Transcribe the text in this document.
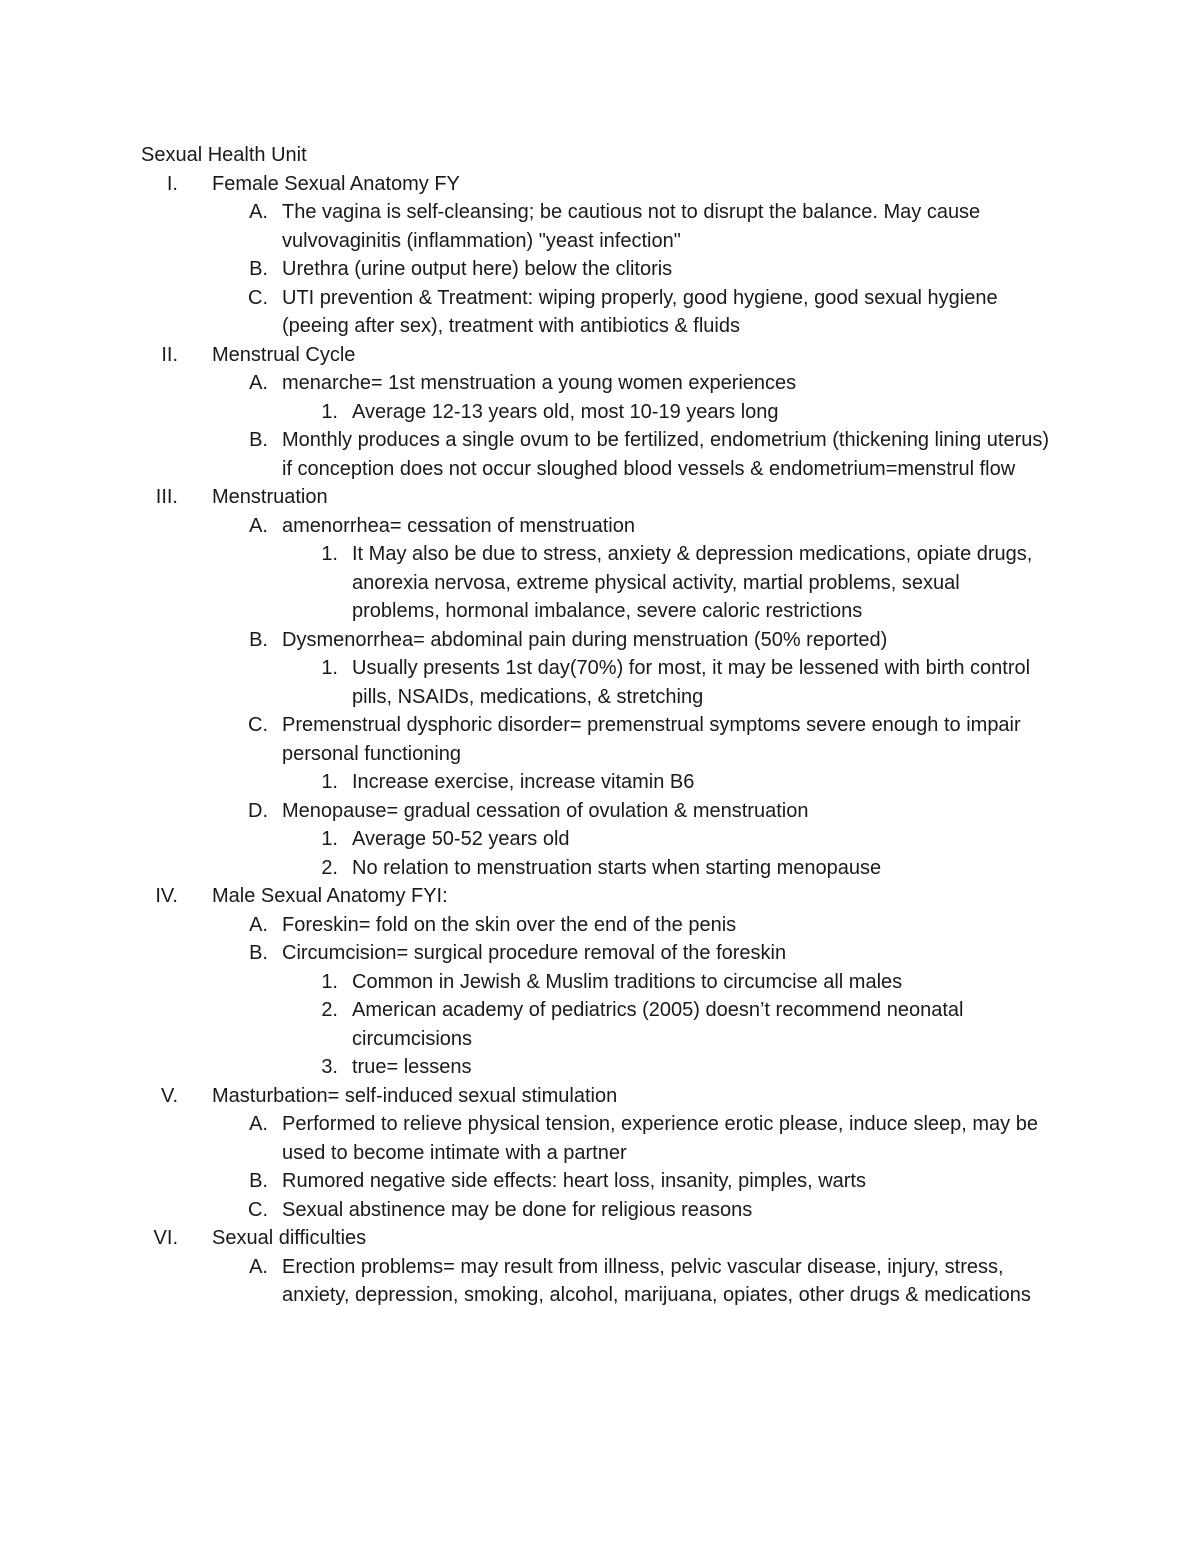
Sexual Health Unit
I. Female Sexual Anatomy FY
A. The vagina is self-cleansing; be cautious not to disrupt the balance. May cause vulvovaginitis (inflammation) "yeast infection"
B. Urethra (urine output here) below the clitoris
C. UTI prevention & Treatment: wiping properly, good hygiene, good sexual hygiene (peeing after sex), treatment with antibiotics & fluids
II. Menstrual Cycle
A. menarche= 1st menstruation a young women experiences
1. Average 12-13 years old, most 10-19 years long
B. Monthly produces a single ovum to be fertilized, endometrium (thickening lining uterus) if conception does not occur sloughed blood vessels & endometrium=menstrul flow
III. Menstruation
A. amenorrhea= cessation of menstruation
1. It May also be due to stress, anxiety & depression medications, opiate drugs, anorexia nervosa, extreme physical activity, martial problems, sexual problems, hormonal imbalance, severe caloric restrictions
B. Dysmenorrhea= abdominal pain during menstruation (50% reported)
1. Usually presents 1st day(70%) for most, it may be lessened with birth control pills, NSAIDs, medications, & stretching
C. Premenstrual dysphoric disorder= premenstrual symptoms severe enough to impair personal functioning
1. Increase exercise, increase vitamin B6
D. Menopause= gradual cessation of ovulation & menstruation
1. Average 50-52 years old
2. No relation to menstruation starts when starting menopause
IV. Male Sexual Anatomy FYI:
A. Foreskin= fold on the skin over the end of the penis
B. Circumcision= surgical procedure removal of the foreskin
1. Common in Jewish & Muslim traditions to circumcise all males
2. American academy of pediatrics (2005) doesn’t recommend neonatal circumcisions
3. true= lessens
V. Masturbation= self-induced sexual stimulation
A. Performed to relieve physical tension, experience erotic please, induce sleep, may be used to become intimate with a partner
B. Rumored negative side effects: heart loss, insanity, pimples, warts
C. Sexual abstinence may be done for religious reasons
VI. Sexual difficulties
A. Erection problems= may result from illness, pelvic vascular disease, injury, stress, anxiety, depression, smoking, alcohol, marijuana, opiates, other drugs & medications
